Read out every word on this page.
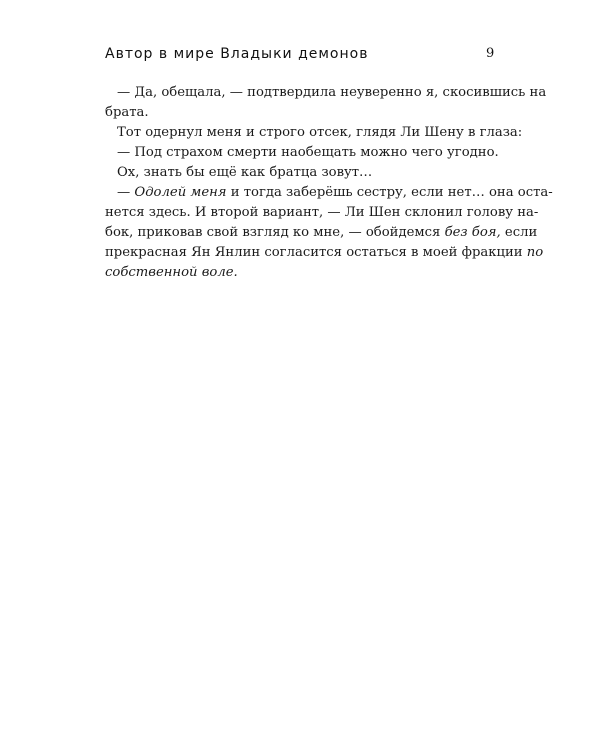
Автор в мире Владыки демонов	9
— Да, обещала, — подтвердила неуверенно я, скосившись на
брата.
Тот одернул меня и строго отсек, глядя Ли Шену в глаза:
— Под страхом смерти наобещать можно чего угодно.
Ох, знать бы ещё как братца зовут…
— Одолей меня и тогда заберёшь сестру, если нет… она оста-
нется здесь. И второй вариант, — Ли Шен склонил голову на-
бок, приковав свой взгляд ко мне, — обойдемся без боя, если
прекрасная Ян Янлин согласится остаться в моей фракции по
собственной воле.
